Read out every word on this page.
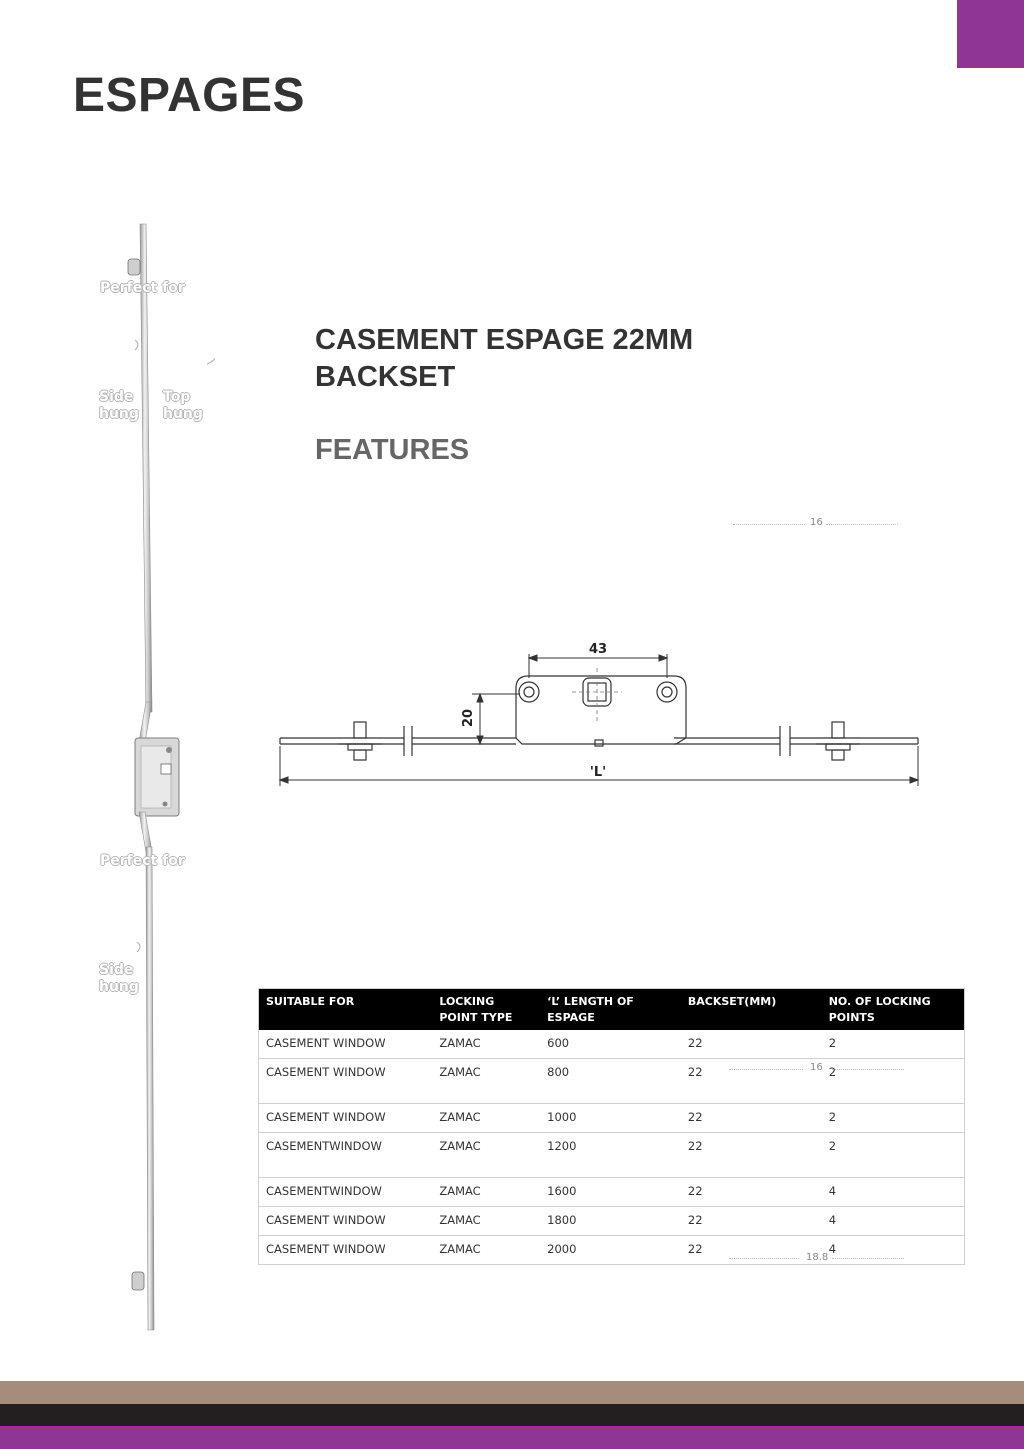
ESPAGES
Perfect for
Side hung
Top hung
Perfect for
Side hung
CASEMENT ESPAGE 22MM BACKSET
FEATURES
16
43
20
'L'
SUITABLE FOR	LOCKING POINT TYPE	‘L’ LENGTH OF ESPAGE	BACKSET(MM)	NO. OF LOCKING POINTS
CASEMENT WINDOW	ZAMAC	600	22	2
CASEMENT WINDOW	ZAMAC	800	22	2
CASEMENT WINDOW	ZAMAC	1000	22	2
CASEMENTWINDOW	ZAMAC	1200	22	2
CASEMENTWINDOW	ZAMAC	1600	22	4
CASEMENT WINDOW	ZAMAC	1800	22	4
CASEMENT WINDOW	ZAMAC	2000	22	4
16
18.8
